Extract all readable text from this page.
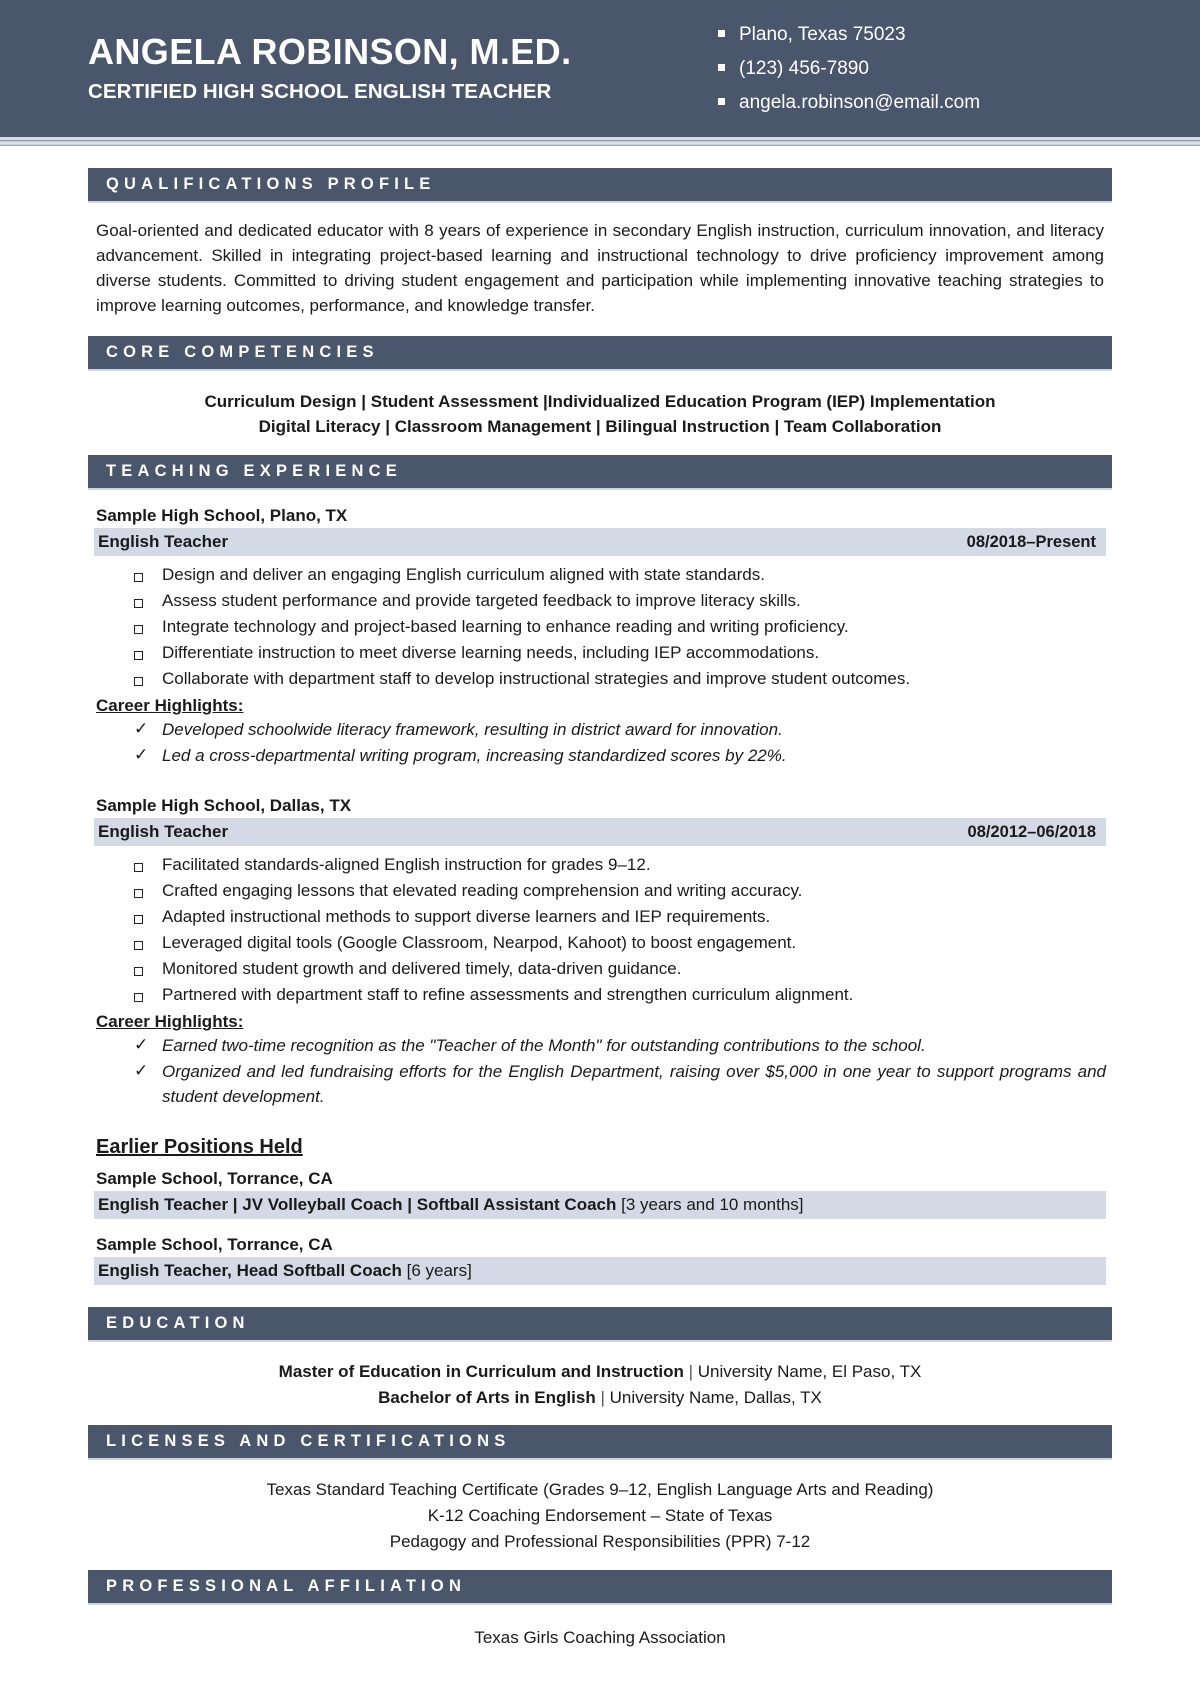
ANGELA ROBINSON, M.ED.
CERTIFIED HIGH SCHOOL ENGLISH TEACHER
Plano, Texas 75023
(123) 456-7890
angela.robinson@email.com
QUALIFICATIONS PROFILE

Goal-oriented and dedicated educator with 8 years of experience in secondary English instruction, curriculum innovation, and literacy advancement. Skilled in integrating project-based learning and instructional technology to drive proficiency improvement among diverse students. Committed to driving student engagement and participation while implementing innovative teaching strategies to improve learning outcomes, performance, and knowledge transfer.

CORE COMPETENCIES
Curriculum Design | Student Assessment |Individualized Education Program (IEP) Implementation
Digital Literacy | Classroom Management | Bilingual Instruction | Team Collaboration
TEACHING EXPERIENCE
Sample High School, Plano, TX
English Teacher	08/2018–Present
Design and deliver an engaging English curriculum aligned with state standards.
Assess student performance and provide targeted feedback to improve literacy skills.
Integrate technology and project-based learning to enhance reading and writing proficiency.
Differentiate instruction to meet diverse learning needs, including IEP accommodations.
Collaborate with department staff to develop instructional strategies and improve student outcomes.
Career Highlights:
✓ Developed schoolwide literacy framework, resulting in district award for innovation.
✓ Led a cross-departmental writing program, increasing standardized scores by 22%.
Sample High School, Dallas, TX
English Teacher	08/2012–06/2018
Facilitated standards-aligned English instruction for grades 9–12.
Crafted engaging lessons that elevated reading comprehension and writing accuracy.
Adapted instructional methods to support diverse learners and IEP requirements.
Leveraged digital tools (Google Classroom, Nearpod, Kahoot) to boost engagement.
Monitored student growth and delivered timely, data-driven guidance.
Partnered with department staff to refine assessments and strengthen curriculum alignment.
Career Highlights:
✓ Earned two-time recognition as the "Teacher of the Month" for outstanding contributions to the school.
✓ Organized and led fundraising efforts for the English Department, raising over $5,000 in one year to support programs and student development.
Earlier Positions Held
Sample School, Torrance, CA
English Teacher | JV Volleyball Coach | Softball Assistant Coach [3 years and 10 months]
Sample School, Torrance, CA
English Teacher, Head Softball Coach [6 years]
EDUCATION
Master of Education in Curriculum and Instruction | University Name, El Paso, TX
Bachelor of Arts in English | University Name, Dallas, TX
LICENSES AND CERTIFICATIONS
Texas Standard Teaching Certificate (Grades 9–12, English Language Arts and Reading)
K-12 Coaching Endorsement – State of Texas
Pedagogy and Professional Responsibilities (PPR) 7-12
PROFESSIONAL AFFILIATION
Texas Girls Coaching Association
